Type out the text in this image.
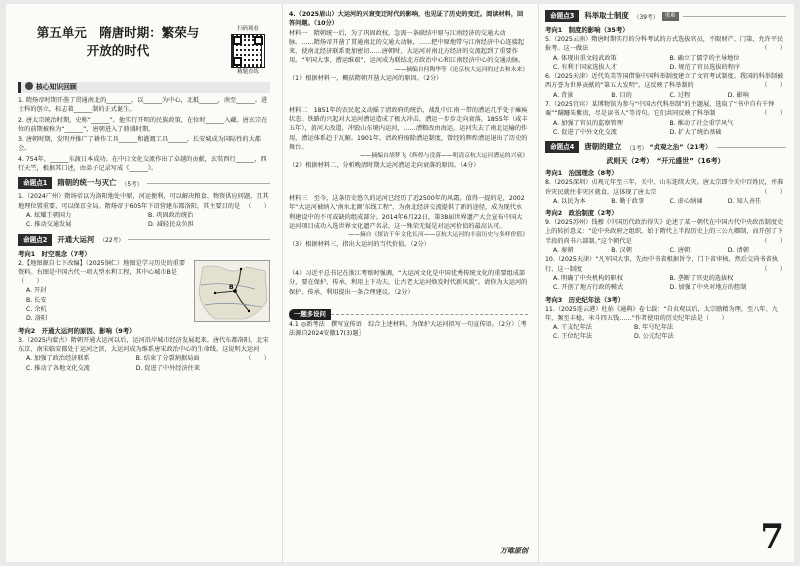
第五单元　隋唐时期：繁荣与
开放的时代
扫码观看
精题直练
核心知识回顾
1. 隋炀帝时期开凿了贯通南北的________，以______为中心，北抵______，南至______。进士科的创立，标志着______制的正式诞生。
2. 唐太宗统治时期，史称“______”。他实行开明的民族政策，在位时______入藏。唐玄宗在位的前期被称为“______”，唐朝进入了鼎盛时期。
3. 唐朝时期，发明并推广了耕作工具______和灌溉工具______，长安城成为国际性的大都会。
4. 754年，______东渡日本成功。在中日文化交流作出了卓越的贡献，玄奘西行______，西行天竺，根据其口述，由弟子记录写成《______》。
命题点1	隋朝的统一与灭亡 （5考）
1.（2024广州）隋场帝以为洛阳地处中原，河运便利，可以解决粮食、物资供应问题，且其地理位置重要，可以保京全局。隋炀帝于605年下诏营建东都洛阳，其主要目的是 （　　）
A. 炫耀王朝国力	B. 巩固政治统治
C. 推动交通发展	D. 减轻民众负担
命题点2	开通大运河 （22考）
考向1　时空观念（7考）
B
2.【地图源自七下改编】（2025铜仁）地图是学习历史的重要资料。右图是中国古代一项大型水利工程，其中心城市B是（　　）
A. 开封
B. 长安
C. 余杭
D. 洛阳
考向2　开通大运河的原因、影响（9考）
3.（2025内蒙古）隋朝开通大运河以后，运河沿岸城市经济发展起来。唐代东都洛阳、北宋东京、南宋临安都处于运河之滨，大运河成为维系唐宋政治中心的生命线。这说明大运河
（　　）
A. 加强了政治经济联系	B. 结束了分裂割据局面
C. 推动了各地文化交流	D. 促进了中外经济往来
4.（2025眉山）大运河的兴衰变迁时代的影响，也见证了历史的变迁。阅读材料，回答问题。（10分）
材料一　隋朝统一后，为了巩固政权，急需一条联结中原与江南经济的交通大动脉。……隋炀帝开凿了贯通南北的交通大动脉，……把中原地带与江南经济中心连接起来，使南北经济联系更加密切……唐朝时，大运河对南北方经济的交流起到了重要作用。“军国大事，漕运维艰”，运河成为联结北方政治中心和江南经济中心的交通动脉。
——摘编自何陶华等《论京杭大运河的过去和未来》
（1）根据材料一，概括隋朝开凿大运河的原因。（2分）
材料二　1851年的农民起义动摇了清政府的统治，战乱中江南一带的漕运几乎处于瘫痪状态。铁路的兴起对大运河漕运造成了极大冲击，漕运一步步走向衰落。1855年（咸丰五年），黄河大改道，冲毁山东境内运河，……漕粮改由海运，运河失去了南北运输的作用，漕运体系趋于瓦解。1901年，清政府废除漕运制度，曾经的辉煌漕运退出了历史的舞台。
——摘编自胡梦飞《辉煌与没落——明清京杭大运河漕运的兴衰》
（2）根据材料二，分析晚清时期大运河漕运走向衰落的原因。（4分）
材料三　至今，这条历史悠久的运河已经历了近2500年的风霜。值得一提的是，2002年“大运河被纳入‘南水北调’东线工程”，为南北经济交流提供了新的途径，成为现代水利建设中的不可或缺的组成部分。2014年6月22日，第38届世界遗产大会宣布中国大运河项目成功入选世界文化遗产名录，这一殊荣无疑是对运河价值的最高认可。
——摘自《探访千年文化长河——京杭大运河的丰富历史与多样价值》
（3）根据材料三，指出大运河的当代价值。（2分）
（4）习近平总书记在浙江考察时强调，“大运河文化是中国优秀传统文化的重要组成部分，要在保护、传承、利用上下功夫，让古老大运河焕发时代新风貌”。请你为大运河的保护、传承、利用提出一条合理建议。（2分）
一题多设问
4.1 ◎新考法　撰写宣传语　综合上述材料，为保护大运河拟写一句宣传语。（2分）［考法源自2024安徽17(3)题］
万唯原创
命题点3	科举取士制度 （39考）	重难
考向1　制度的影响（35考）
5.（2025云南）隋唐时期实行的分科考试的方式选拔官员，不限财产、门第，允许平民报考。这一做法	（　　）
A. 体现出重文轻武政策	B. 确立了儒学的主导地位
C. 有利于国家选拔人才	D. 规范了官员选拔的程序
6.（2025天津）近代英美等国借鉴中国科举制度建立了文官考试制度。我国的科举制被西方誉为世界贡献的“第五大发明”。这反映了科举制的	（　　）
A. 背景	B. 目的	C. 过程	D. 影响
7.（2025宜宾）某博物馆为参与“中国古代科举制”的主题展，选取了“书中自有千钟粟”“蹒跚朱紫贵，尽是读书人”等诗句。它们共同反映了科举制	（　　）
A. 加强了官员的监察管理	B. 推动了社会重学风气
C. 促进了中外文化交流	D. 扩大了统治基础
命题点4	唐朝的建立 （1考） “贞观之治”（21考）
武则天（2考）　“开元盛世”（16考）
考向1　治国理念（8考）
8.（2025深圳）贞观元年至三年，关中、山东连续大灾。唐太宗即令关中百姓民，并准许灾民就往非灾区就食。这体现了唐太宗	（　　）
A. 以民为本	B. 勤于政事	C. 虚心纳谏	D. 知人善任
考向2　政治制度（2考）
9.（2025苏州）钱穆《中国历代政治得失》论述了某一朝代在中国古代中央政治制度史上的转折意义：“论中央政府之组织，始于隋代上半段历史上的三公九卿制，而开创了下半段的尚书六部制。”这个朝代是	（　　）
A. 秦朝	B. 汉朝	C. 唐朝	D. 清朝
10.（2025天津）“凡军国大事，先由中书省根据旨令，门下省审核，然后交尚书省执行，这一制度	（　　）
A. 明确了中央机构的职权	B. 垄断了官吏的选拔权
C. 开创了地方行政的模式	D. 加强了中央对地方的控制
考向3　历史纪年法（3考）
11.（2025连云港）杜佑《通典》卷七载：“自贞观以后，太宗励精为理，至八年、九年，频至丰稔，米斗四五钱……”作者使用的历史纪年法是（　　）
A. 干支纪年法	B. 年号纪年法
C. 王位纪年法	D. 公元纪年法
7
